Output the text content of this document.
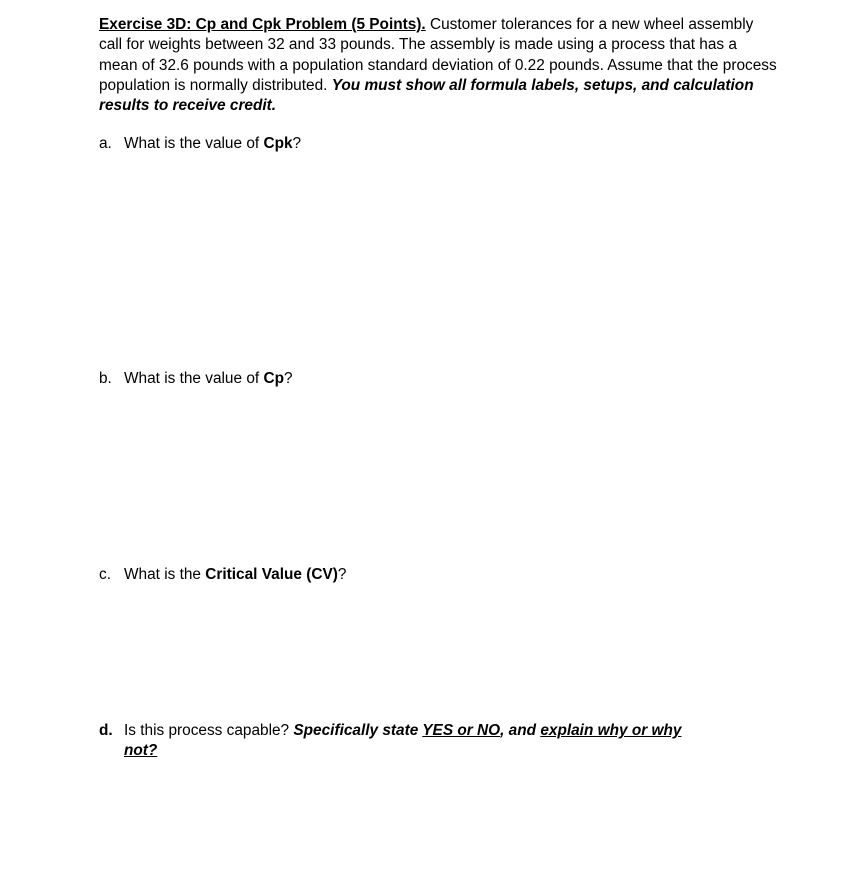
Exercise 3D: Cp and Cpk Problem (5 Points). Customer tolerances for a new wheel assembly call for weights between 32 and 33 pounds. The assembly is made using a process that has a mean of 32.6 pounds with a population standard deviation of 0.22 pounds. Assume that the process population is normally distributed. You must show all formula labels, setups, and calculation results to receive credit.
a. What is the value of Cpk?
b. What is the value of Cp?
c. What is the Critical Value (CV)?
d. Is this process capable? Specifically state YES or NO, and explain why or why
not?
